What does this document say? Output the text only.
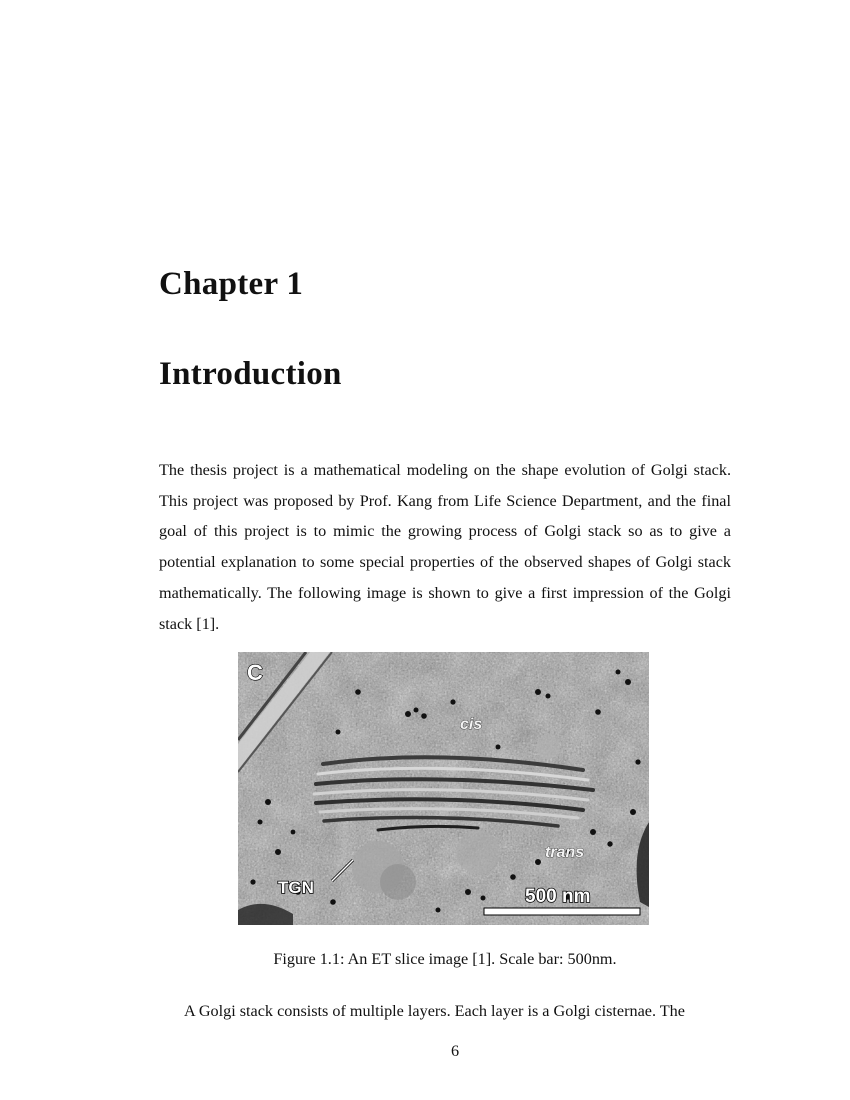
Chapter 1
Introduction

The thesis project is a mathematical modeling on the shape evolution of Golgi stack. This project was proposed by Prof. Kang from Life Science Department, and the final goal of this project is to mimic the growing process of Golgi stack so as to give a potential explanation to some special properties of the observed shapes of Golgi stack mathematically. The following image is shown to give a first impression of the Golgi stack [1].

C
cis
trans
TGN	500 nm
Figure 1.1: An ET slice image [1]. Scale bar: 500nm.

A Golgi stack consists of multiple layers. Each layer is a Golgi cisternae. The

6
